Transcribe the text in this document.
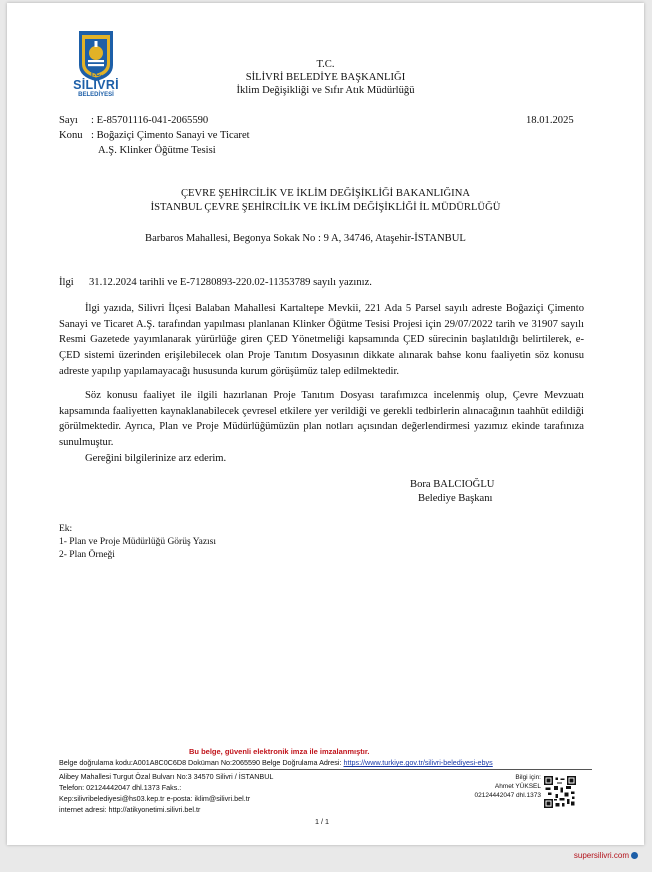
T.C.
SİLİVRİ
BELEDİYESİ
T.C.
SİLİVRİ BELEDİYE BAŞKANLIĞI
İklim Değişikliği ve Sıfır Atık Müdürlüğü
Sayı : E-85701116-041-2065590	18.01.2025
Konu : Boğaziçi Çimento Sanayi ve Ticaret
A.Ş. Klinker Öğütme Tesisi
ÇEVRE ŞEHİRCİLİK VE İKLİM DEĞİŞİKLİĞİ BAKANLIĞINA
İSTANBUL ÇEVRE ŞEHİRCİLİK VE İKLİM DEĞİŞİKLİĞİ İL MÜDÜRLÜĞÜ
Barbaros Mahallesi, Begonya Sokak No : 9 A, 34746, Ataşehir-İSTANBUL
İlgi 31.12.2024 tarihli ve E-71280893-220.02-11353789 sayılı yazınız.

İlgi yazıda, Silivri İlçesi Balaban Mahallesi Kartaltepe Mevkii, 221 Ada 5 Parsel sayılı adreste Boğaziçi Çimento Sanayi ve Ticaret A.Ş. tarafından yapılması planlanan Klinker Öğütme Tesisi Projesi için 29/07/2022 tarih ve 31907 sayılı Resmi Gazetede yayımlanarak yürürlüğe giren ÇED Yönetmeliği kapsamında ÇED sürecinin başlatıldığı belirtilerek, e-ÇED sistemi üzerinden erişilebilecek olan Proje Tanıtım Dosyasının dikkate alınarak bahse konu faaliyetin söz konusu adreste yapılıp yapılamayacağı hususunda kurum görüşümüz talep edilmektedir.

Söz konusu faaliyet ile ilgili hazırlanan Proje Tanıtım Dosyası tarafımızca incelenmiş olup, Çevre Mevzuatı kapsamında faaliyetten kaynaklanabilecek çevresel etkilere yer verildiği ve gerekli tedbirlerin alınacağının taahhüt edildiği görülmektedir. Ayrıca, Plan ve Proje Müdürlüğümüzün plan notları açısından değerlendirmesi yazımız ekinde tarafınıza sunulmuştur.

Gereğini bilgilerinize arz ederim.

Bora BALCIOĞLU
Belediye Başkanı
Ek:
1- Plan ve Proje Müdürlüğü Görüş Yazısı
2- Plan Örneği
Bu belge, güvenli elektronik imza ile imzalanmıştır.
Belge doğrulama kodu:A001A8C0C6D8 Doküman No:2065590 Belge Doğrulama Adresi: https://www.turkiye.gov.tr/silivri-belediyesi-ebys
Alibey Mahallesi Turgut Özal Bulvarı No:3 34570 Silivri / İSTANBUL
Telefon: 02124442047 dhl.1373 Faks.:
Kep:silivribelediyesi@hs03.kep.tr e-posta: iklim@silivri.bel.tr
internet adresi: http://atikyonetimi.silivri.bel.tr
Bilgi için:
Ahmet YÜKSEL
02124442047 dhl.1373
1 / 1
supersilivri.com
